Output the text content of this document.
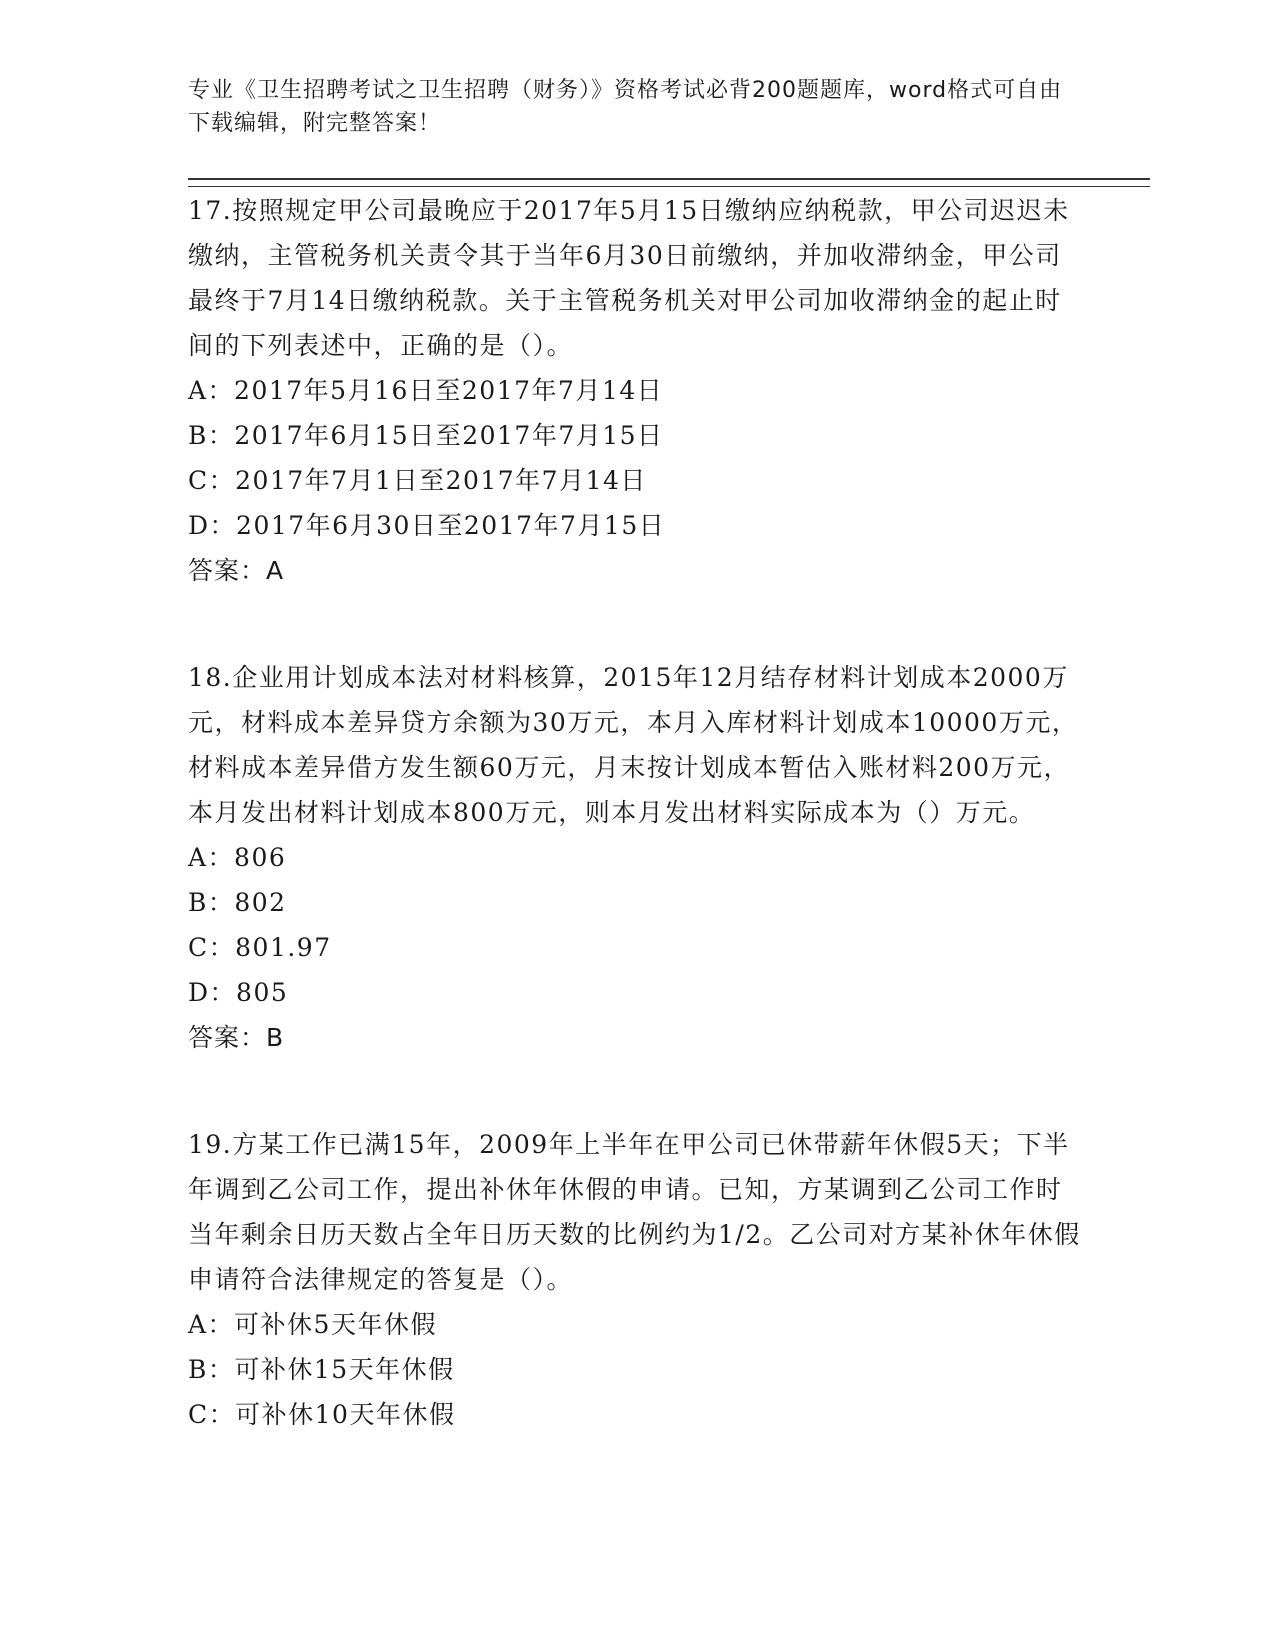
专业《卫生招聘考试之卫生招聘（财务）》资格考试必背200题题库，word格式可自由下载编辑，附完整答案！

17.按照规定甲公司最晚应于2017年5月15日缴纳应纳税款，甲公司迟迟未缴纳，主管税务机关责令其于当年6月30日前缴纳，并加收滞纳金，甲公司最终于7月14日缴纳税款。关于主管税务机关对甲公司加收滞纳金的起止时间的下列表述中，正确的是（）。

A：2017年5月16日至2017年7月14日

B：2017年6月15日至2017年7月15日

C：2017年7月1日至2017年7月14日

D：2017年6月30日至2017年7月15日

答案：A

18.企业用计划成本法对材料核算，2015年12月结存材料计划成本2000万元，材料成本差异贷方余额为30万元，本月入库材料计划成本10000万元，材料成本差异借方发生额60万元，月末按计划成本暂估入账材料200万元，本月发出材料计划成本800万元，则本月发出材料实际成本为（）万元。

A：806

B：802

C：801.97

D：805

答案：B

19.方某工作已满15年，2009年上半年在甲公司已休带薪年休假5天；下半年调到乙公司工作，提出补休年休假的申请。已知，方某调到乙公司工作时当年剩余日历天数占全年日历天数的比例约为1/2。乙公司对方某补休年休假申请符合法律规定的答复是（）。

A：可补休5天年休假

B：可补休15天年休假

C：可补休10天年休假
